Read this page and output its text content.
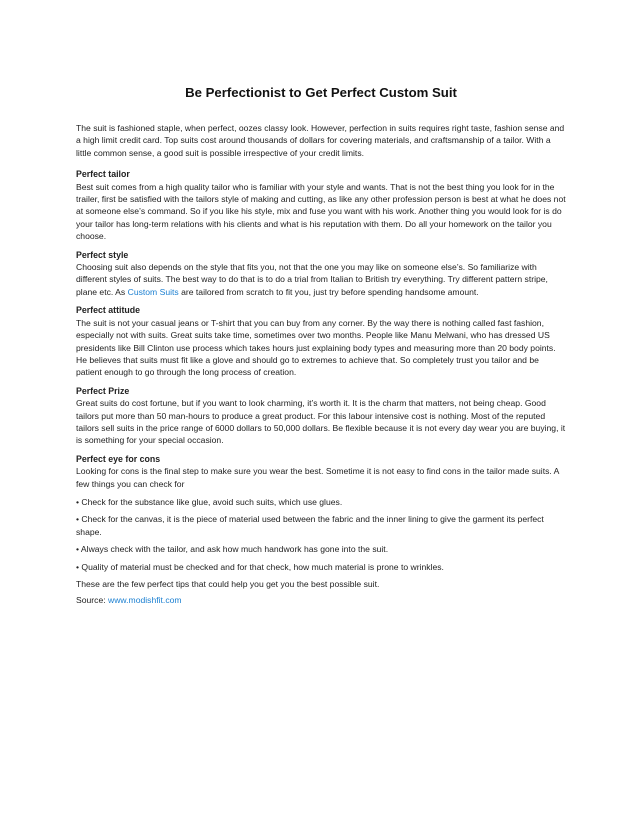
Be Perfectionist to Get Perfect Custom Suit

The suit is fashioned staple, when perfect, oozes classy look. However, perfection in suits requires right taste, fashion sense and a high limit credit card. Top suits cost around thousands of dollars for covering materials, and craftsmanship of a tailor. With a little common sense, a good suit is possible irrespective of your credit limits.

Perfect tailor

Best suit comes from a high quality tailor who is familiar with your style and wants. That is not the best thing you look for in the trailer, first be satisfied with the tailors style of making and cutting, as like any other profession person is best at what he does not at someone else’s command. So if you like his style, mix and fuse you want with his work. Another thing you would look for is do your tailor has long-term relations with his clients and what is his reputation with them. Do all your homework on the tailor you choose.

Perfect style

Choosing suit also depends on the style that fits you, not that the one you may like on someone else’s. So familiarize with different styles of suits. The best way to do that is to do a trial from Italian to British try everything. Try different pattern stripe, plane etc. As Custom Suits are tailored from scratch to fit you, just try before spending handsome amount.

Perfect attitude

The suit is not your casual jeans or T-shirt that you can buy from any corner. By the way there is nothing called fast fashion, especially not with suits. Great suits take time, sometimes over two months. People like Manu Melwani, who has dressed US presidents like Bill Clinton use process which takes hours just explaining body types and measuring more than 20 body points. He believes that suits must fit like a glove and should go to extremes to achieve that. So completely trust you tailor and be patient enough to go through the long process of creation.

Perfect Prize

Great suits do cost fortune, but if you want to look charming, it’s worth it. It is the charm that matters, not being cheap. Good tailors put more than 50 man-hours to produce a great product. For this labour intensive cost is nothing. Most of the reputed tailors sell suits in the price range of 6000 dollars to 50,000 dollars. Be flexible because it is not every day wear you are buying, it is something for your special occasion.

Perfect eye for cons

Looking for cons is the final step to make sure you wear the best. Sometime it is not easy to find cons in the tailor made suits. A few things you can check for

• Check for the substance like glue, avoid such suits, which use glues.

• Check for the canvas, it is the piece of material used between the fabric and the inner lining to give the garment its perfect shape.

• Always check with the tailor, and ask how much handwork has gone into the suit.

• Quality of material must be checked and for that check, how much material is prone to wrinkles.

These are the few perfect tips that could help you get you the best possible suit.

Source: www.modishfit.com
